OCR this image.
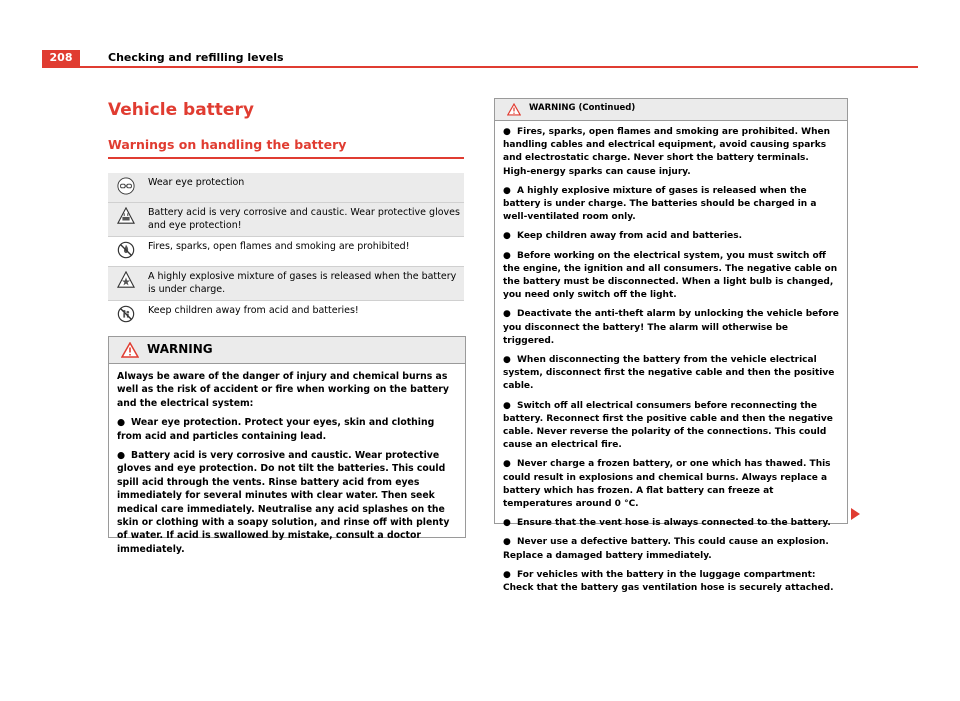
208	Checking and refilling levels
Vehicle battery
Warnings on handling the battery
	Wear eye protection
	Battery acid is very corrosive and caustic. Wear protective gloves and eye protection!
	Fires, sparks, open flames and smoking are prohibited!
	A highly explosive mixture of gases is released when the battery is under charge.
	Keep children away from acid and batteries!
WARNING

Always be aware of the danger of injury and chemical burns as well as the risk of accident or fire when working on the battery and the electrical system:

● Wear eye protection. Protect your eyes, skin and clothing from acid and particles containing lead.

● Battery acid is very corrosive and caustic. Wear protective gloves and eye protection. Do not tilt the batteries. This could spill acid through the vents. Rinse battery acid from eyes immediately for several minutes with clear water. Then seek medical care immediately. Neutralise any acid splashes on the skin or clothing with a soapy solution, and rinse off with plenty of water. If acid is swallowed by mistake, consult a doctor immediately.

WARNING (Continued)

● Fires, sparks, open flames and smoking are prohibited. When handling cables and electrical equipment, avoid causing sparks and electrostatic charge. Never short the battery terminals. High-energy sparks can cause injury.

● A highly explosive mixture of gases is released when the battery is under charge. The batteries should be charged in a well-ventilated room only.

● Keep children away from acid and batteries.

● Before working on the electrical system, you must switch off the engine, the ignition and all consumers. The negative cable on the battery must be disconnected. When a light bulb is changed, you need only switch off the light.

● Deactivate the anti-theft alarm by unlocking the vehicle before you disconnect the battery! The alarm will otherwise be triggered.

● When disconnecting the battery from the vehicle electrical system, disconnect first the negative cable and then the positive cable.

● Switch off all electrical consumers before reconnecting the battery. Reconnect first the positive cable and then the negative cable. Never reverse the polarity of the connections. This could cause an electrical fire.

● Never charge a frozen battery, or one which has thawed. This could result in explosions and chemical burns. Always replace a battery which has frozen. A flat battery can freeze at temperatures around 0 °C.

● Ensure that the vent hose is always connected to the battery.

● Never use a defective battery. This could cause an explosion. Replace a damaged battery immediately.

● For vehicles with the battery in the luggage compartment: Check that the battery gas ventilation hose is securely attached.
